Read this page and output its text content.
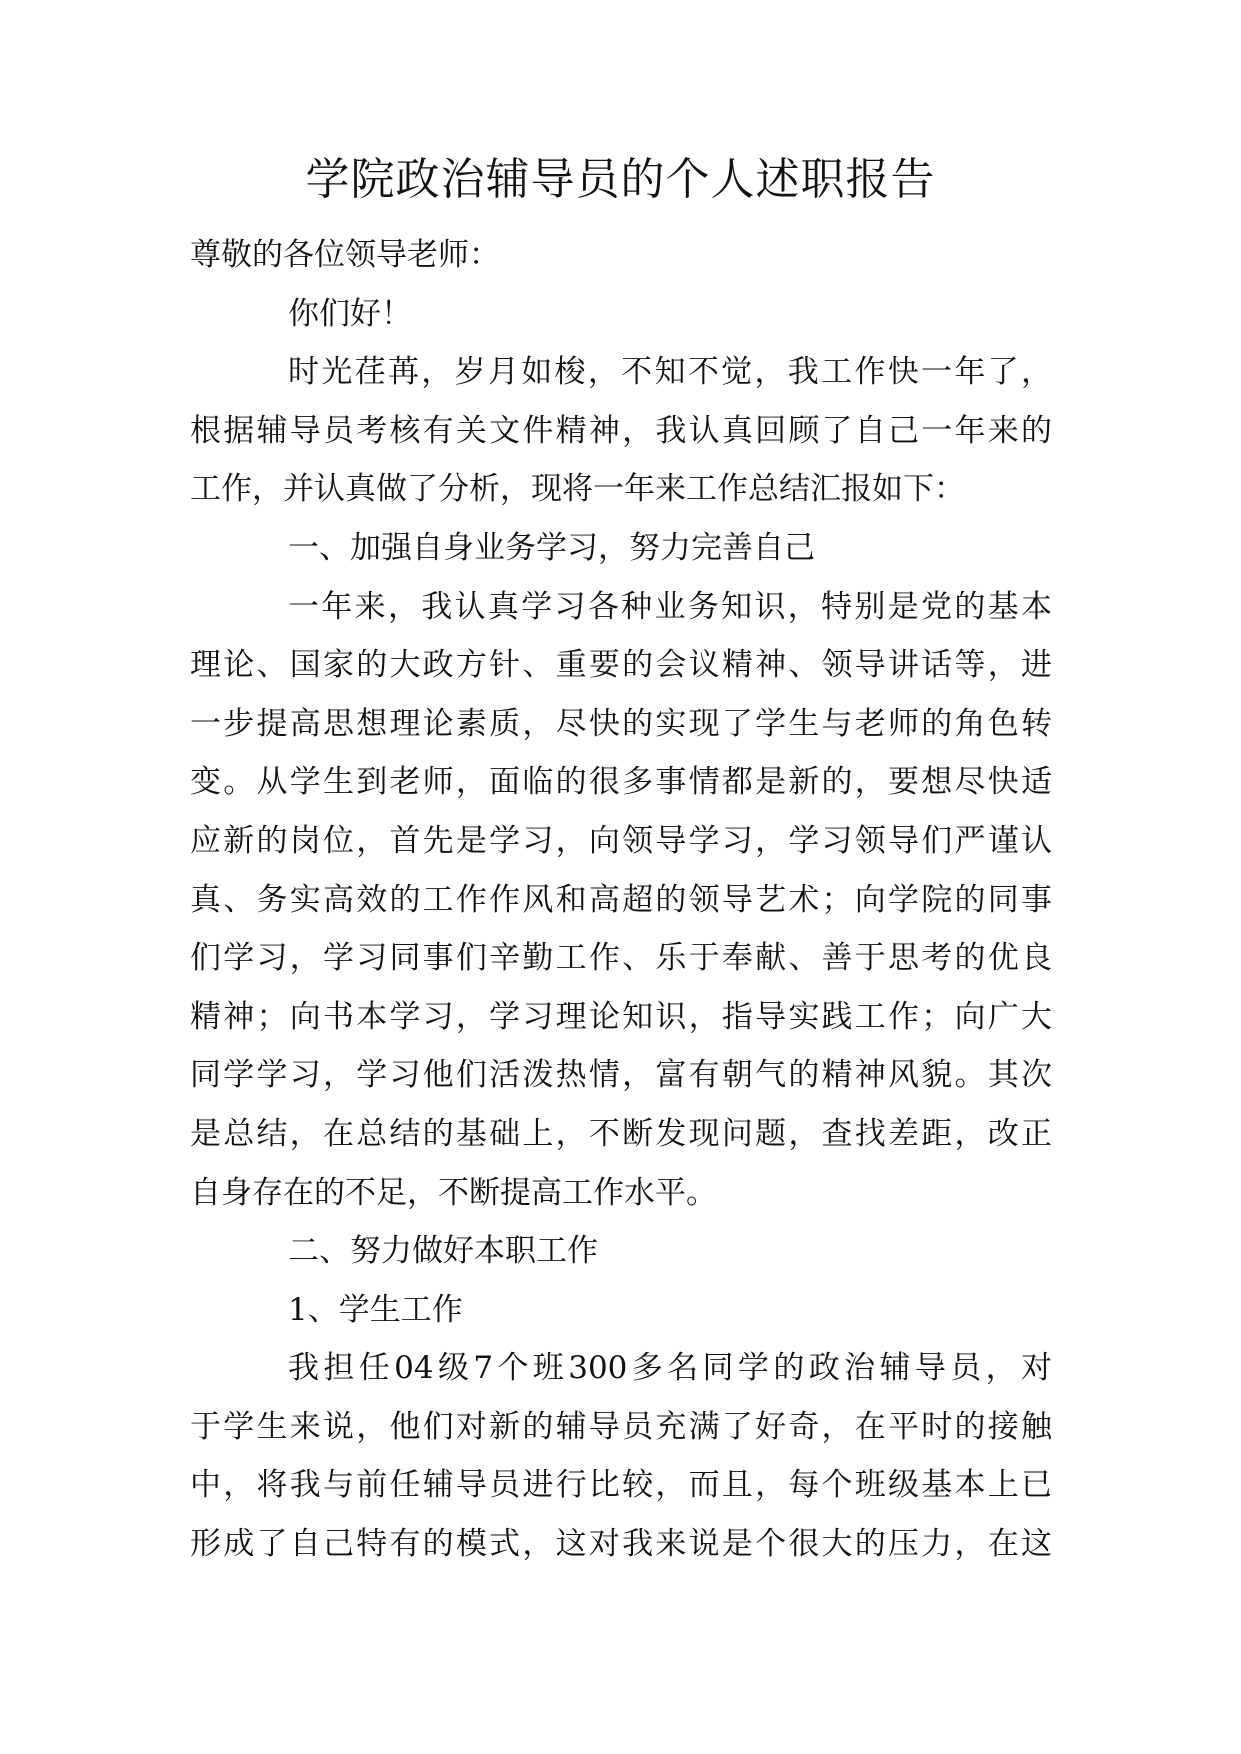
学院政治辅导员的个人述职报告
尊敬的各位领导老师：
你们好！
时光荏苒，岁月如梭，不知不觉，我工作快一年了，
根据辅导员考核有关文件精神，我认真回顾了自己一年来的
工作，并认真做了分析，现将一年来工作总结汇报如下：
一、加强自身业务学习，努力完善自己
一年来，我认真学习各种业务知识，特别是党的基本
理论、国家的大政方针、重要的会议精神、领导讲话等，进
一步提高思想理论素质，尽快的实现了学生与老师的角色转
变。从学生到老师，面临的很多事情都是新的，要想尽快适
应新的岗位，首先是学习，向领导学习，学习领导们严谨认
真、务实高效的工作作风和高超的领导艺术；向学院的同事
们学习，学习同事们辛勤工作、乐于奉献、善于思考的优良
精神；向书本学习，学习理论知识，指导实践工作；向广大
同学学习，学习他们活泼热情，富有朝气的精神风貌。其次
是总结，在总结的基础上，不断发现问题，查找差距，改正
自身存在的不足，不断提高工作水平。
二、努力做好本职工作
1、学生工作
我担任04级7个班300多名同学的政治辅导员，对
于学生来说，他们对新的辅导员充满了好奇，在平时的接触
中，将我与前任辅导员进行比较，而且，每个班级基本上已
形成了自己特有的模式，这对我来说是个很大的压力，在这
